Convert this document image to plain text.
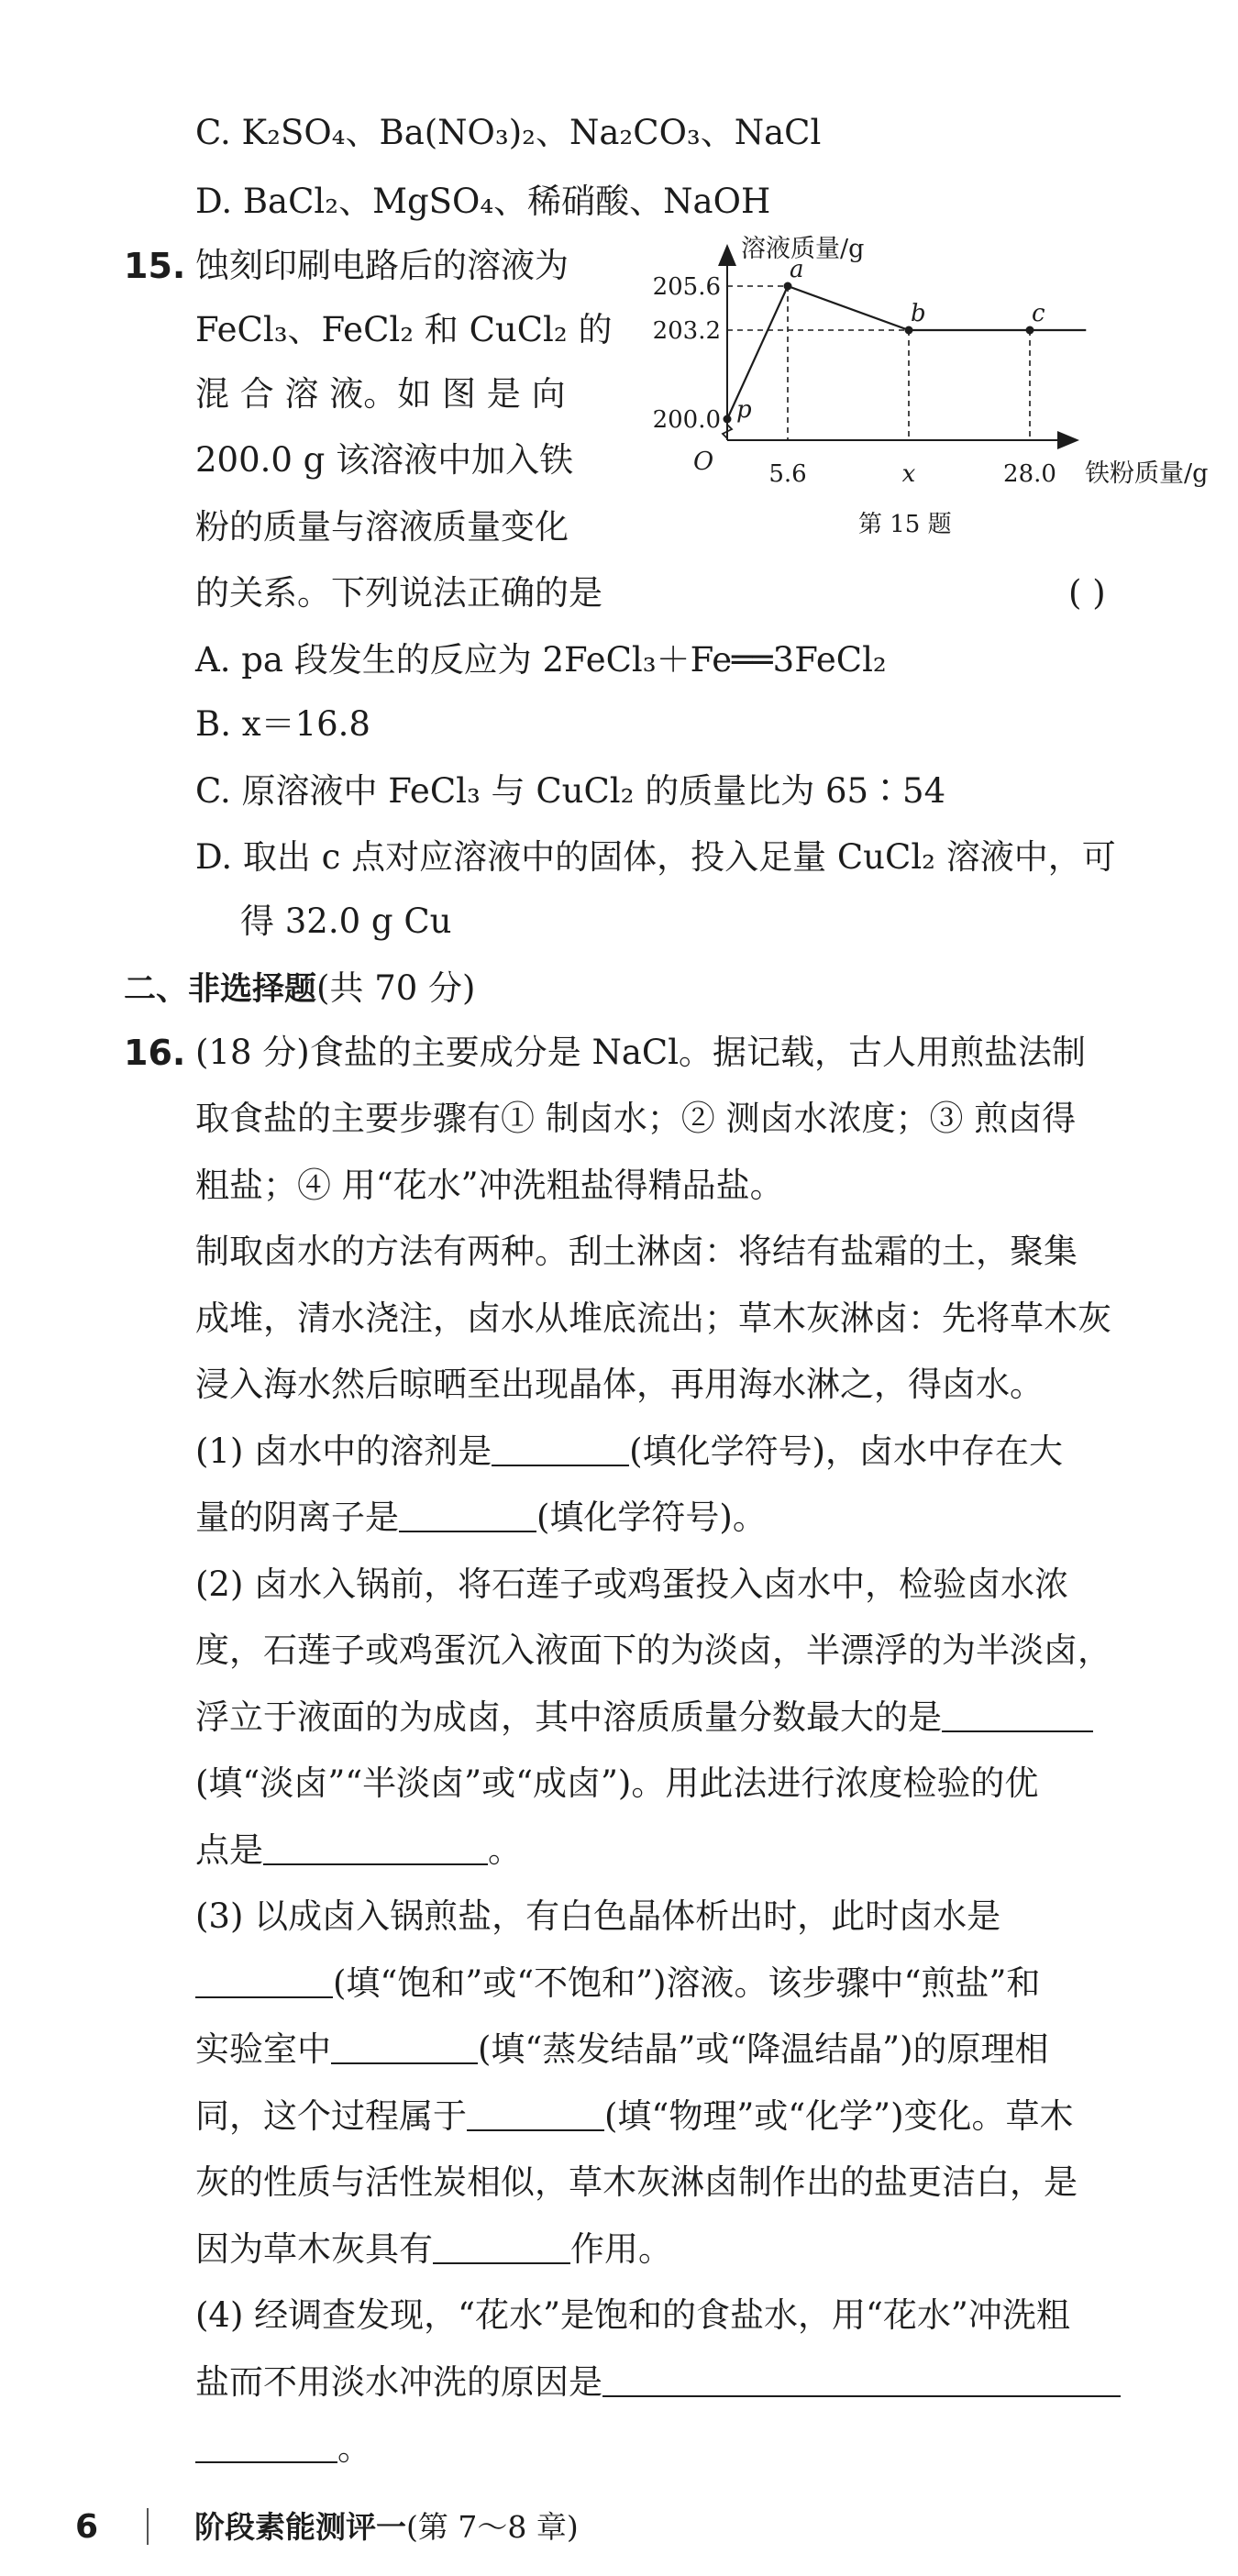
C. K₂SO₄、Ba(NO₃)₂、Na₂CO₃、NaCl
D. BaCl₂、MgSO₄、稀硝酸、NaOH
15. 蚀刻印刷电路后的溶液为
FeCl₃、FeCl₂ 和 CuCl₂ 的
混 合 溶 液。如 图 是 向
200.0 g 该溶液中加入铁
粉的质量与溶液质量变化
的关系。下列说法正确的是	( )
p
a
b	c
溶液质量/g
O
200.0
203.2
205.6
5.6	x	28.0 铁粉质量/g
第 15 题
A. pa 段发生的反应为 2FeCl₃＋Fe══3FeCl₂
B. x＝16.8
C. 原溶液中 FeCl₃ 与 CuCl₂ 的质量比为 65∶54
D. 取出 c 点对应溶液中的固体，投入足量 CuCl₂ 溶液中，可
得 32.0 g Cu
二、非选择题(共 70 分)
16. (18 分)食盐的主要成分是 NaCl。据记载，古人用煎盐法制
取食盐的主要步骤有① 制卤水；② 测卤水浓度；③ 煎卤得
粗盐；④ 用“花水”冲洗粗盐得精品盐。
制取卤水的方法有两种。刮土淋卤：将结有盐霜的土，聚集
成堆，清水浇注，卤水从堆底流出；草木灰淋卤：先将草木灰
浸入海水然后晾晒至出现晶体，再用海水淋之，得卤水。
(1) 卤水中的溶剂是	(填化学符号)，卤水中存在大
量的阴离子是	(填化学符号)。
(2) 卤水入锅前，将石莲子或鸡蛋投入卤水中，检验卤水浓
度，石莲子或鸡蛋沉入液面下的为淡卤，半漂浮的为半淡卤，
浮立于液面的为成卤，其中溶质质量分数最大的是
(填“淡卤”“半淡卤”或“成卤”)。用此法进行浓度检验的优
点是	。
(3) 以成卤入锅煎盐，有白色晶体析出时，此时卤水是
(填“饱和”或“不饱和”)溶液。该步骤中“煎盐”和
实验室中	(填“蒸发结晶”或“降温结晶”)的原理相
同，这个过程属于	(填“物理”或“化学”)变化。草木
灰的性质与活性炭相似，草木灰淋卤制作出的盐更洁白，是
因为草木灰具有	作用。
(4) 经调查发现，“花水”是饱和的食盐水，用“花水”冲洗粗
盐而不用淡水冲洗的原因是
。
6	阶段素能测评一(第 7～8 章)
